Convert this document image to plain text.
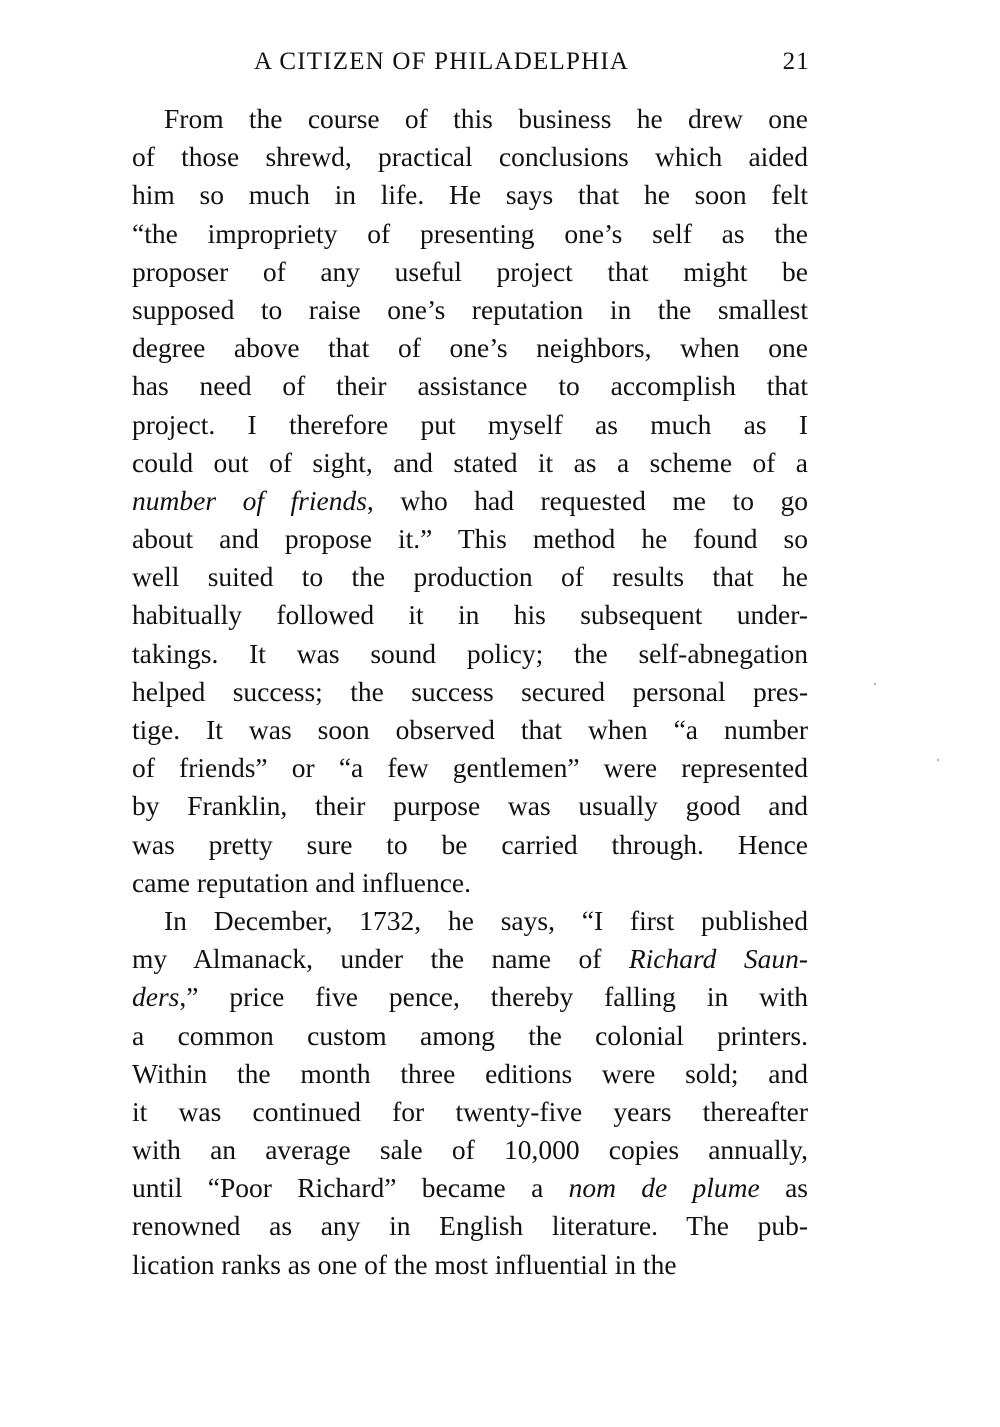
A CITIZEN OF PHILADELPHIA	21
From the course of this business he drew one
of those shrewd, practical conclusions which aided
him so much in life. He says that he soon felt
“the impropriety of presenting one’s self as the
proposer of any useful project that might be
supposed to raise one’s reputation in the smallest
degree above that of one’s neighbors, when one
has need of their assistance to accomplish that
project. I therefore put myself as much as I
could out of sight, and stated it as a scheme of a
number of friends, who had requested me to go
about and propose it.” This method he found so
well suited to the production of results that he
habitually followed it in his subsequent under-
takings. It was sound policy; the self-abnegation
helped success; the success secured personal pres-
tige. It was soon observed that when “a number
of friends” or “a few gentlemen” were represented
by Franklin, their purpose was usually good and
was pretty sure to be carried through. Hence
came reputation and influence.
In December, 1732, he says, “I first published
my Almanack, under the name of Richard Saun-
ders,” price five pence, thereby falling in with
a common custom among the colonial printers.
Within the month three editions were sold; and
it was continued for twenty-five years thereafter
with an average sale of 10,000 copies annually,
until “Poor Richard” became a nom de plume as
renowned as any in English literature. The pub-
lication ranks as one of the most influential in the
